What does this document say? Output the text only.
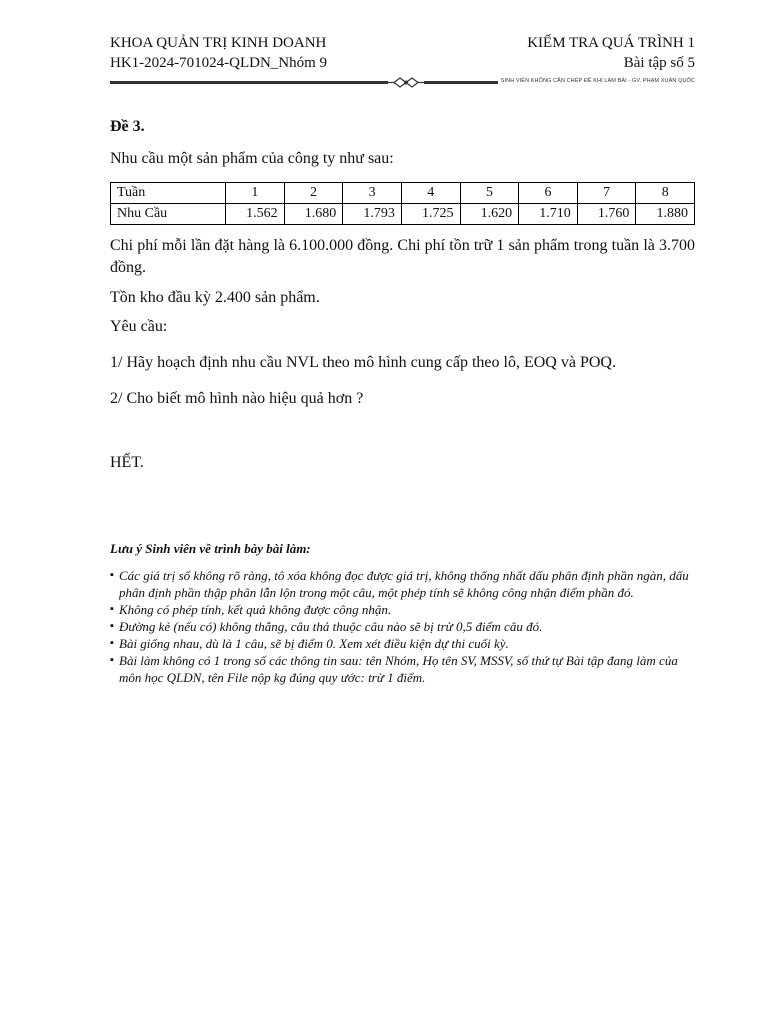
KHOA QUẢN TRỊ KINH DOANH	KIỂM TRA QUÁ TRÌNH 1
HK1-2024-701024-QLDN_Nhóm 9	Bài tập số 5
SINH VIÊN KHÔNG CẦN CHÉP ĐỀ KHI LÀM BÀI - GV. PHẠM XUÂN QUỐC

Đề 3.

Nhu cầu một sản phẩm của công ty như sau:

Tuần	1	2	3	4	5	6	7	8
Nhu Cầu	1.562	1.680	1.793	1.725	1.620	1.710	1.760	1.880

Chi phí mỗi lần đặt hàng là 6.100.000 đồng. Chi phí tồn trữ 1 sản phẩm trong tuần là 3.700 đồng.

Tồn kho đầu kỳ 2.400 sản phẩm.

Yêu cầu:

1/ Hãy hoạch định nhu cầu NVL theo mô hình cung cấp theo lô, EOQ và POQ.

2/ Cho biết mô hình nào hiệu quả hơn ?

HẾT.

Lưu ý Sinh viên về trình bày bài làm:

▪ Các giá trị số không rõ ràng, tô xóa không đọc được giá trị, không thống nhất dấu phân định phần ngàn, dấu phân định phần thập phân lẫn lộn trong một câu, một phép tính sẽ không công nhận điểm phần đó.
▪ Không có phép tính, kết quả không được công nhận.
▪ Đường kẻ (nếu có) không thẳng, câu thả thuộc câu nào sẽ bị trừ 0,5 điểm câu đó.
▪ Bài giống nhau, dù là 1 câu, sẽ bị điểm 0. Xem xét điều kiện dự thi cuối kỳ.
▪ Bài làm không có 1 trong số các thông tin sau: tên Nhóm, Họ tên SV, MSSV, số thứ tự Bài tập đang làm của môn học QLDN, tên File nộp kg đúng quy ước: trừ 1 điểm.
